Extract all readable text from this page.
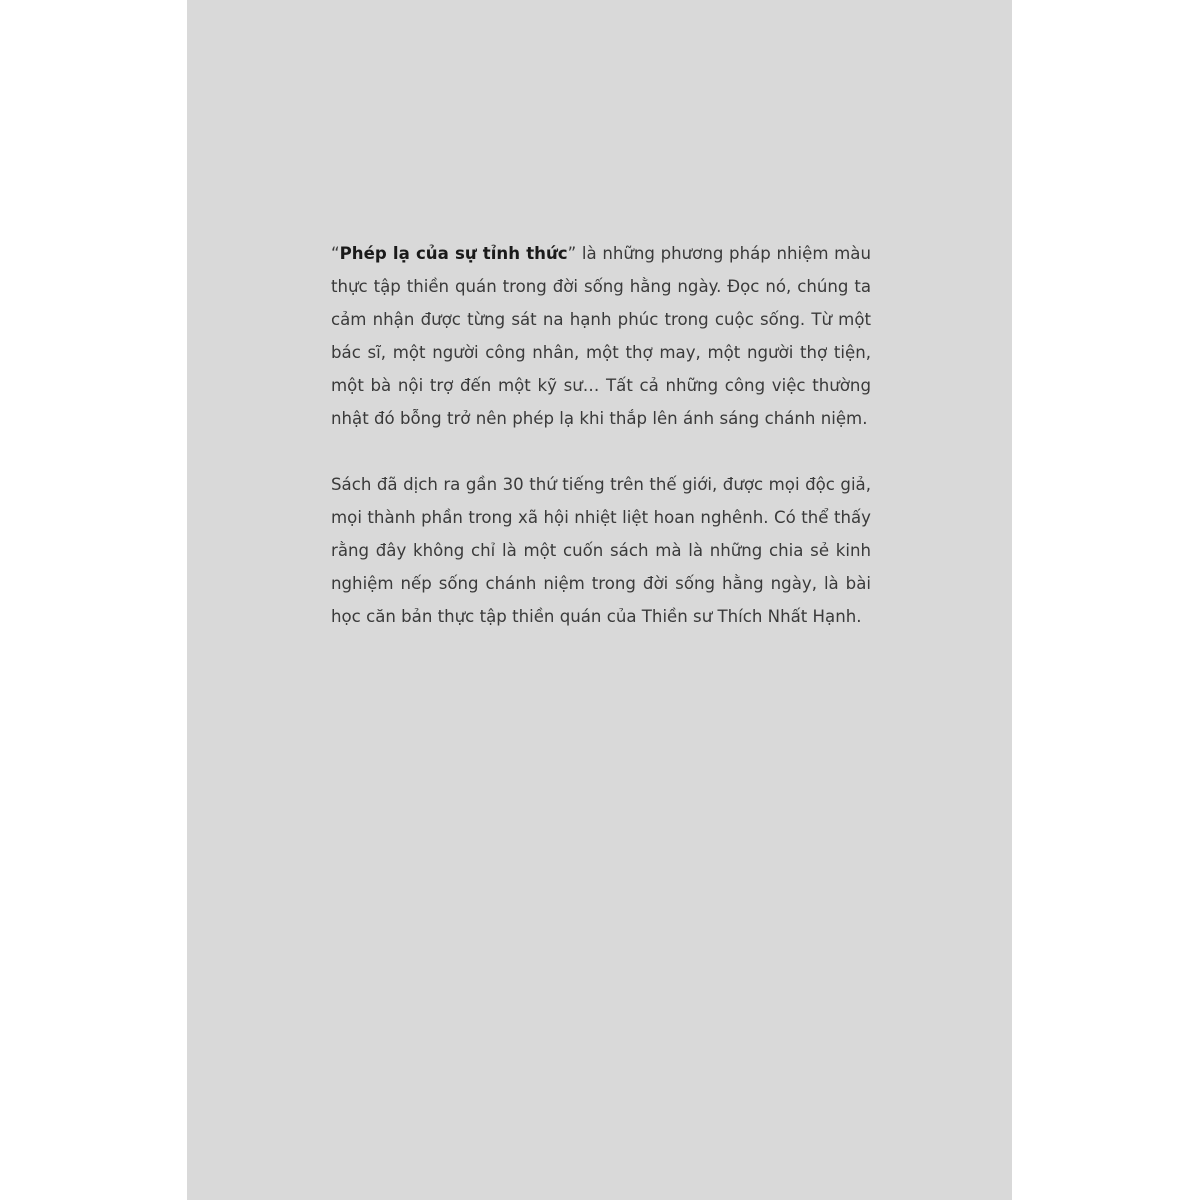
“Phép lạ của sự tỉnh thức” là những phương pháp nhiệm màu thực tập thiền quán trong đời sống hằng ngày. Đọc nó, chúng ta cảm nhận được từng sát na hạnh phúc trong cuộc sống. Từ một bác sĩ, một người công nhân, một thợ may, một người thợ tiện, một bà nội trợ đến một kỹ sư… Tất cả những công việc thường nhật đó bỗng trở nên phép lạ khi thắp lên ánh sáng chánh niệm.

Sách đã dịch ra gần 30 thứ tiếng trên thế giới, được mọi độc giả, mọi thành phần trong xã hội nhiệt liệt hoan nghênh. Có thể thấy rằng đây không chỉ là một cuốn sách mà là những chia sẻ kinh nghiệm nếp sống chánh niệm trong đời sống hằng ngày, là bài học căn bản thực tập thiền quán của Thiền sư Thích Nhất Hạnh.
